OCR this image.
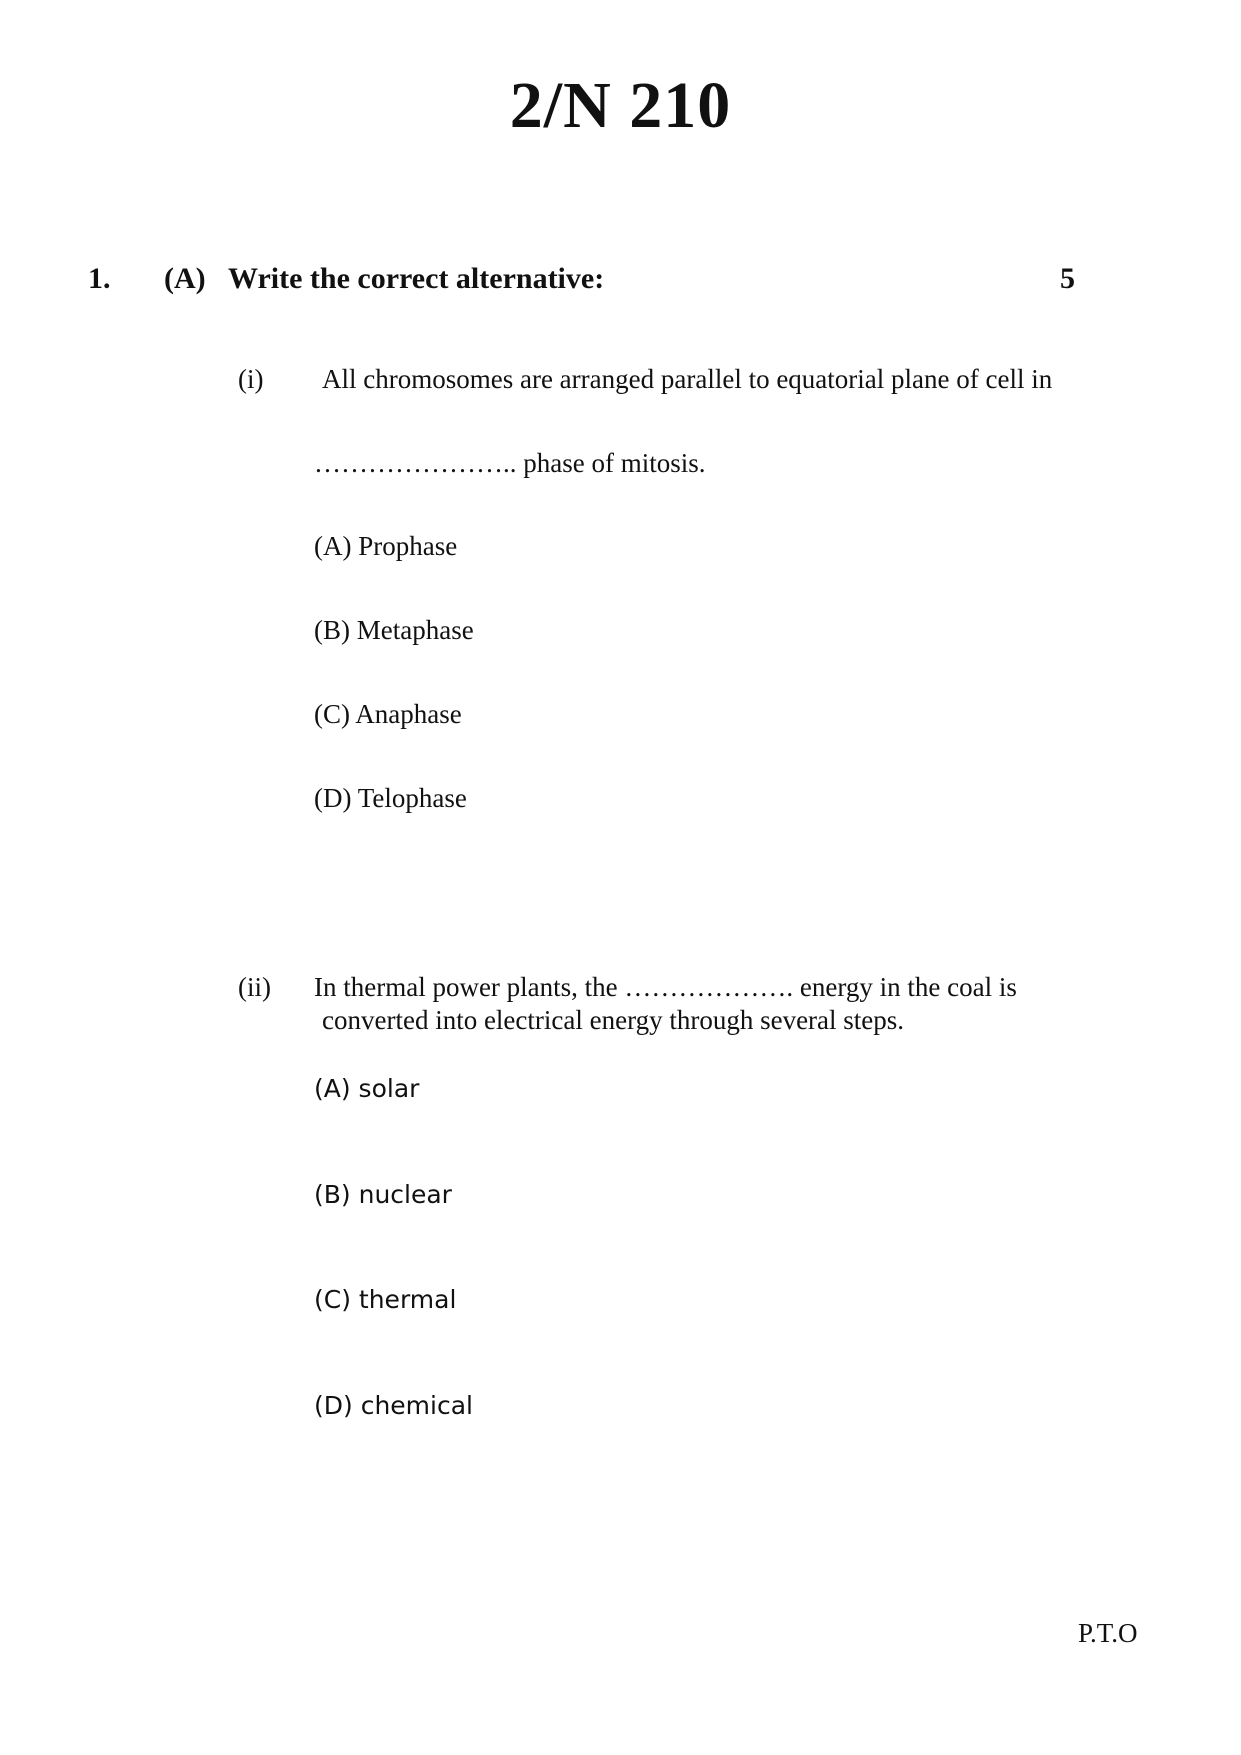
2/N 210
1. (A) Write the correct alternative:	5
(i) All chromosomes are arranged parallel to equatorial plane of cell in
………………….. phase of mitosis.
(A) Prophase
(B) Metaphase
(C) Anaphase
(D) Telophase
(ii) In thermal power plants, the ………………. energy in the coal is
converted into electrical energy through several steps.
(A) solar
(B) nuclear
(C) thermal
(D) chemical
P.T.O
